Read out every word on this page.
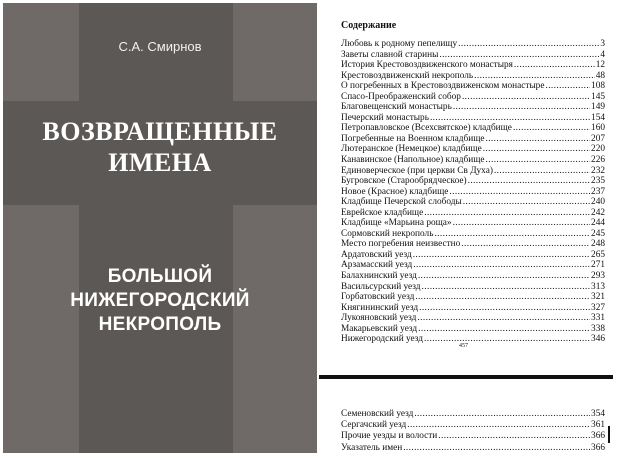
С.А. Смирнов
ВОЗВРАЩЕННЫЕ
ИМЕНА
БОЛЬШОЙ
НИЖЕГОРОДСКИЙ
НЕКРОПОЛЬ
Содержание
Любовь к родному пепелищу .....	3
Заветы славной старины .....	4
История Крестовоздвиженского монастыря .....	12
Крестовоздвиженский некрополь .....	48
О погребенных в Крестовоздвиженском монастыре .....	108
Спасо-Преображенский собор .....	145
Благовещенский монастырь .....	149
Печерский монастырь .....	154
Петропавловское (Всехсвятское) кладбище .....	160
Погребенные на Военном кладбище .....	207
Лютеранское (Немецкое) кладбище .....	220
Канавинское (Напольное) кладбище .....	226
Единоверческое (при церкви Св Духа) .....	232
Бугровское (Старообрядческое) .....	235
Новое (Красное) кладбище .....	237
Кладбище Печерской слободы .....	240
Еврейское кладбище .....	242
Кладбище «Марьина роща» .....	244
Сормовский некрополь .....	245
Место погребения неизвестно .....	248
Ардатовский уезд .....	265
Арзамасский уезд .....	271
Балахнинский уезд .....	293
Васильсурский уезд .....	313
Горбатовский уезд .....	321
Княгининский уезд .....	327
Лукояновский уезд .....	331
Макарьевский уезд .....	338
Нижегородский уезд .....	346
457
Семеновский уезд .....	354
Сергачский уезд .....	361
Прочие уезды и волости .....	366
Указатель имен .....	366
